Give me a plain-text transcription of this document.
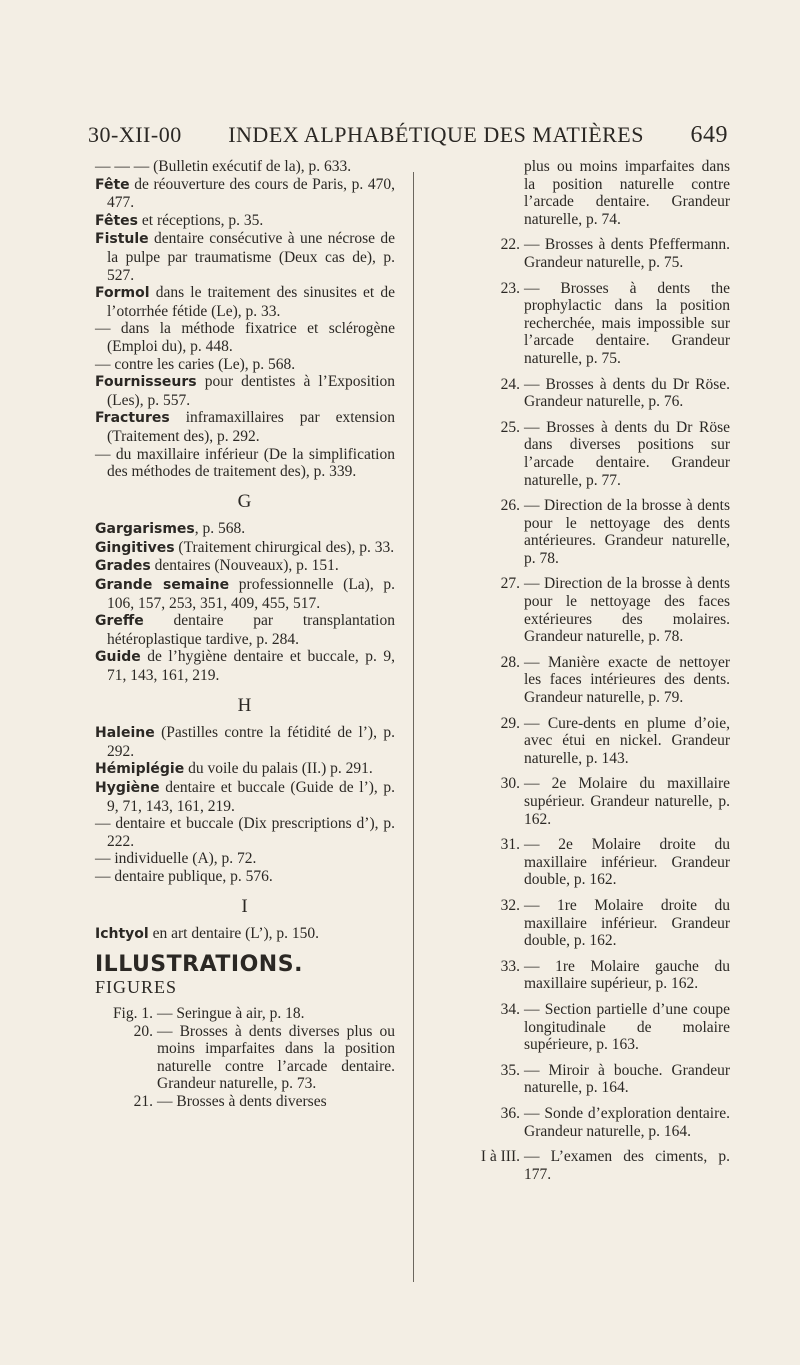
30-XII-00 INDEX ALPHABÉTIQUE DES MATIÈRES 649

— — — (Bulletin exécutif de la), p. 633.

Fête de réouverture des cours de Paris, p. 470, 477.

Fêtes et réceptions, p. 35.

Fistule dentaire consécutive à une nécrose de la pulpe par traumatisme (Deux cas de), p. 527.

Formol dans le traitement des sinusites et de l’otorrhée fétide (Le), p. 33.

— dans la méthode fixatrice et sclérogène (Emploi du), p. 448.

— contre les caries (Le), p. 568.

Fournisseurs pour dentistes à l’Exposition (Les), p. 557.

Fractures inframaxillaires par extension (Traitement des), p. 292.

— du maxillaire inférieur (De la simplification des méthodes de traitement des), p. 339.

G

Gargarismes, p. 568.

Gingitives (Traitement chirurgical des), p. 33.

Grades dentaires (Nouveaux), p. 151.

Grande semaine professionnelle (La), p. 106, 157, 253, 351, 409, 455, 517.

Greffe dentaire par transplantation hétéroplastique tardive, p. 284.

Guide de l’hygiène dentaire et buccale, p. 9, 71, 143, 161, 219.

H

Haleine (Pastilles contre la fétidité de l’), p. 292.

Hémiplégie du voile du palais (II.) p. 291.

Hygiène dentaire et buccale (Guide de l’), p. 9, 71, 143, 161, 219.

— dentaire et buccale (Dix prescriptions d’), p. 222.

— individuelle (A), p. 72.

— dentaire publique, p. 576.

I

Ichtyol en art dentaire (L’), p. 150.

ILLUSTRATIONS.
FIGURES
Fig. 1. — Seringue à air, p. 18.
20. — Brosses à dents diverses plus ou moins imparfaites dans la position naturelle contre l’arcade dentaire. Grandeur naturelle, p. 73.
21. — Brosses à dents diverses
plus ou moins imparfaites dans la position naturelle contre l’arcade dentaire. Grandeur naturelle, p. 74.
22. — Brosses à dents Pfeffermann. Grandeur naturelle, p. 75.
23. — Brosses à dents the prophylactic dans la position recherchée, mais impossible sur l’arcade dentaire. Grandeur naturelle, p. 75.
24. — Brosses à dents du Dr Röse. Grandeur naturelle, p. 76.
25. — Brosses à dents du Dr Röse dans diverses positions sur l’arcade dentaire. Grandeur naturelle, p. 77.
26. — Direction de la brosse à dents pour le nettoyage des dents antérieures. Grandeur naturelle, p. 78.
27. — Direction de la brosse à dents pour le nettoyage des faces extérieures des molaires. Grandeur naturelle, p. 78.
28. — Manière exacte de nettoyer les faces intérieures des dents. Grandeur naturelle, p. 79.
29. — Cure-dents en plume d’oie, avec étui en nickel. Grandeur naturelle, p. 143.
30. — 2e Molaire du maxillaire supérieur. Grandeur naturelle, p. 162.
31. — 2e Molaire droite du maxillaire inférieur. Grandeur double, p. 162.
32. — 1re Molaire droite du maxillaire inférieur. Grandeur double, p. 162.
33. — 1re Molaire gauche du maxillaire supérieur, p. 162.
34. — Section partielle d’une coupe longitudinale de molaire supérieure, p. 163.
35. — Miroir à bouche. Grandeur naturelle, p. 164.
36. — Sonde d’exploration dentaire. Grandeur naturelle, p. 164.
I à III. — L’examen des ciments, p. 177.
